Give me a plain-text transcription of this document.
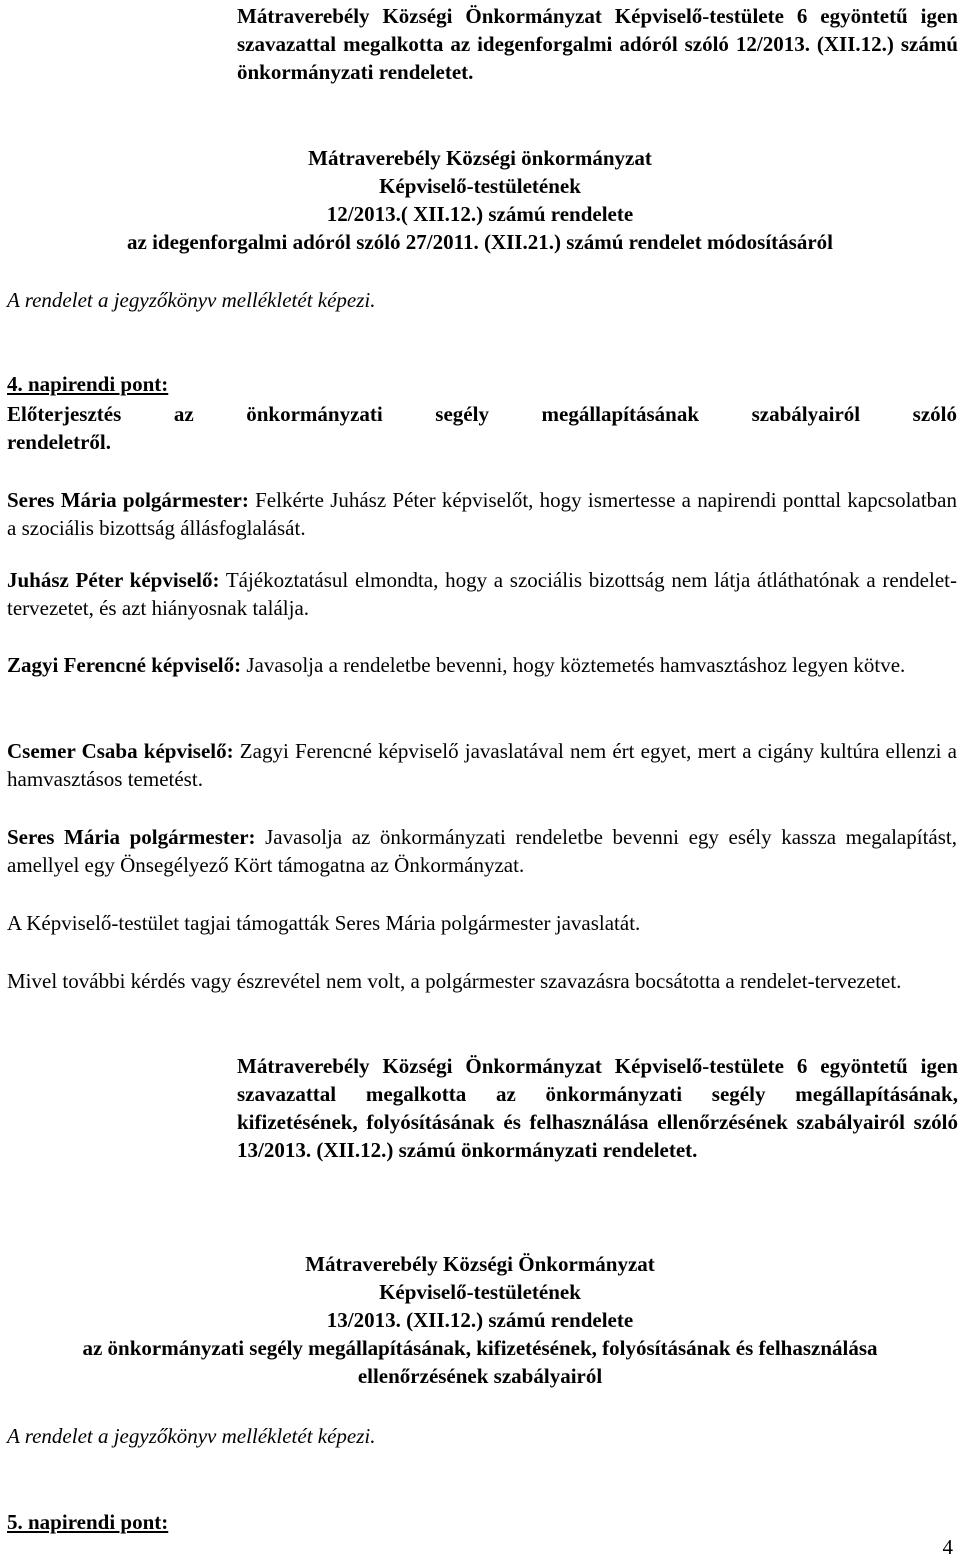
Mátraverebély Községi Önkormányzat Képviselő-testülete 6 egyöntetű igen szavazattal megalkotta az idegenforgalmi adóról szóló 12/2013. (XII.12.) számú önkormányzati rendeletet.

Mátraverebély Községi önkormányzat
Képviselő-testületének
12/2013.( XII.12.) számú rendelete
az idegenforgalmi adóról szóló 27/2011. (XII.21.) számú rendelet módosításáról

A rendelet a jegyzőkönyv mellékletét képezi.

4. napirendi pont:
Előterjesztés	az	önkormányzati	segély	megállapításának	szabályairól	szóló
rendeletről.

Seres Mária polgármester: Felkérte Juhász Péter képviselőt, hogy ismertesse a napirendi ponttal kapcsolatban a szociális bizottság állásfoglalását.

Juhász Péter képviselő: Tájékoztatásul elmondta, hogy a szociális bizottság nem látja átláthatónak a rendelet-tervezetet, és azt hiányosnak találja.

Zagyi Ferencné képviselő: Javasolja a rendeletbe bevenni, hogy köztemetés hamvasztáshoz legyen kötve.

Csemer Csaba képviselő: Zagyi Ferencné képviselő javaslatával nem ért egyet, mert a cigány kultúra ellenzi a hamvasztásos temetést.

Seres Mária polgármester: Javasolja az önkormányzati rendeletbe bevenni egy esély kassza megalapítást, amellyel egy Önsegélyező Kört támogatna az Önkormányzat.

A Képviselő-testület tagjai támogatták Seres Mária polgármester javaslatát.

Mivel további kérdés vagy észrevétel nem volt, a polgármester szavazásra bocsátotta a rendelet-tervezetet.

Mátraverebély Községi Önkormányzat Képviselő-testülete 6 egyöntetű igen szavazattal megalkotta az önkormányzati segély megállapításának, kifizetésének, folyósításának és felhasználása ellenőrzésének szabályairól szóló 13/2013. (XII.12.) számú önkormányzati rendeletet.

Mátraverebély Községi Önkormányzat
Képviselő-testületének
13/2013. (XII.12.) számú rendelete
az önkormányzati segély megállapításának, kifizetésének, folyósításának és felhasználása
ellenőrzésének szabályairól

A rendelet a jegyzőkönyv mellékletét képezi.

5. napirendi pont:

4
